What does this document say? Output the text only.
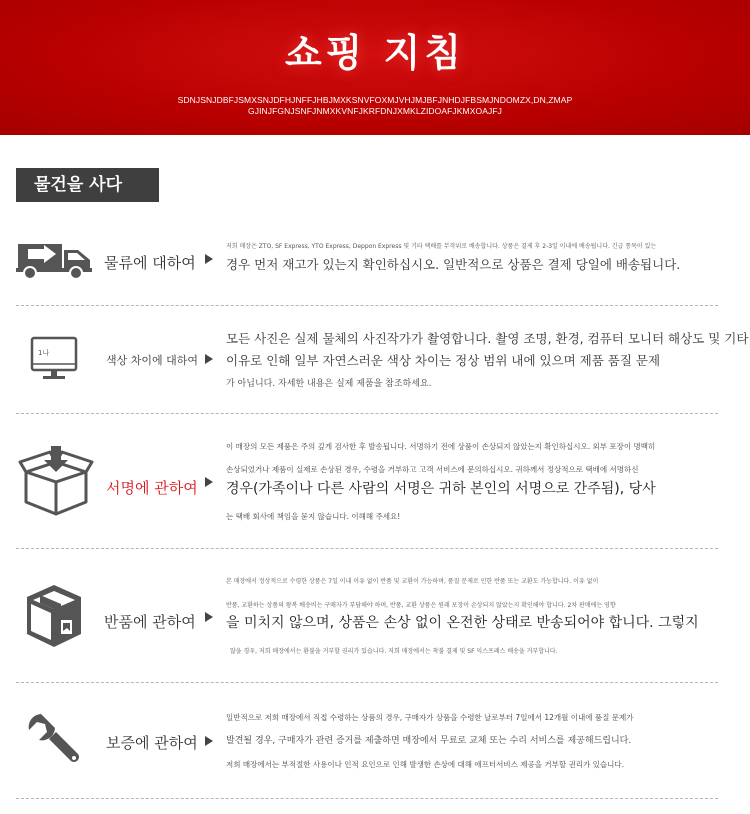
쇼핑 지침
SDNJSNJDBFJSMXSNJDFHJNFFJHBJMXKSNVFOXMJVHJMJBFJNHDJFBSMJNDOMZX,DN,ZMAP
GJINJFGNJSNFJNMXKVNFJKRFDNJXMKLZIDOAFJKMXOAJFJ
물건을 사다
물류에 대하여
저희 매장은 ZTO, SF Express, YTO Express, Deppon Express 및 기타 택배를 무작위로 배송합니다. 상품은 결제 후 2-3일 이내에 배송됩니다. 긴급 통목이 있는
경우 먼저 재고가 있는지 확인하십시오. 일반적으로 상품은 결제 당일에 배송됩니다.
1나
색상 차이에 대하여
모든 사진은 실제 물체의 사진작가가 촬영합니다. 촬영 조명, 환경, 컴퓨터 모니터 해상도 및 기타
이유로 인해 일부 자연스러운 색상 차이는 정상 범위 내에 있으며 제품 품질 문제
가 아닙니다. 자세한 내용은 실제 제품을 참조하세요.
서명에 관하여
이 매장의 모든 제품은 주의 깊게 검사한 후 발송됩니다. 서명하기 전에 상품이 손상되지 않았는지 확인하십시오. 외부 포장이 명백히
손상되었거나 제품이 실제로 손상된 경우, 수령을 거부하고 고객 서비스에 문의하십시오. 귀하께서 정상적으로 택배에 서명하신
경우(가족이나 다른 사람의 서명은 귀하 본인의 서명으로 간주됨), 당사
는 택배 회사에 책임을 묻지 않습니다. 이해해 주세요!
반품에 관하여
본 매장에서 정상적으로 수령한 상품은 7일 이내 이유 없이 반품 및 교환이 가능하며, 품질 문제로 인한 반품 또는 교환도 가능합니다. 이유 없이
반품, 교환하는 상품의 왕복 배송비는 구매자가 부담해야 하며, 반품, 교환 상품은 원래 포장이 손상되지 않았는지 확인해야 합니다. 2차 판매에는 영향
을 미치지 않으며, 상품은 손상 없이 온전한 상태로 반송되어야 합니다. 그렇지
않을 경우, 저희 매장에서는 환불을 거부할 권리가 있습니다. 저희 매장에서는 착불 결제 및 SF 익스프레스 배송을 거부합니다.
보증에 관하여
일반적으로 저희 매장에서 직접 수령하는 상품의 경우, 구매자가 상품을 수령한 날로부터 7일에서 12개월 이내에 품질 문제가
발견될 경우, 구매자가 관련 증거를 제출하면 매장에서 무료로 교체 또는 수리 서비스를 제공해드립니다.
저희 매장에서는 부적절한 사용이나 인적 요인으로 인해 발생한 손상에 대해 애프터서비스 제공을 거부할 권리가 있습니다.
